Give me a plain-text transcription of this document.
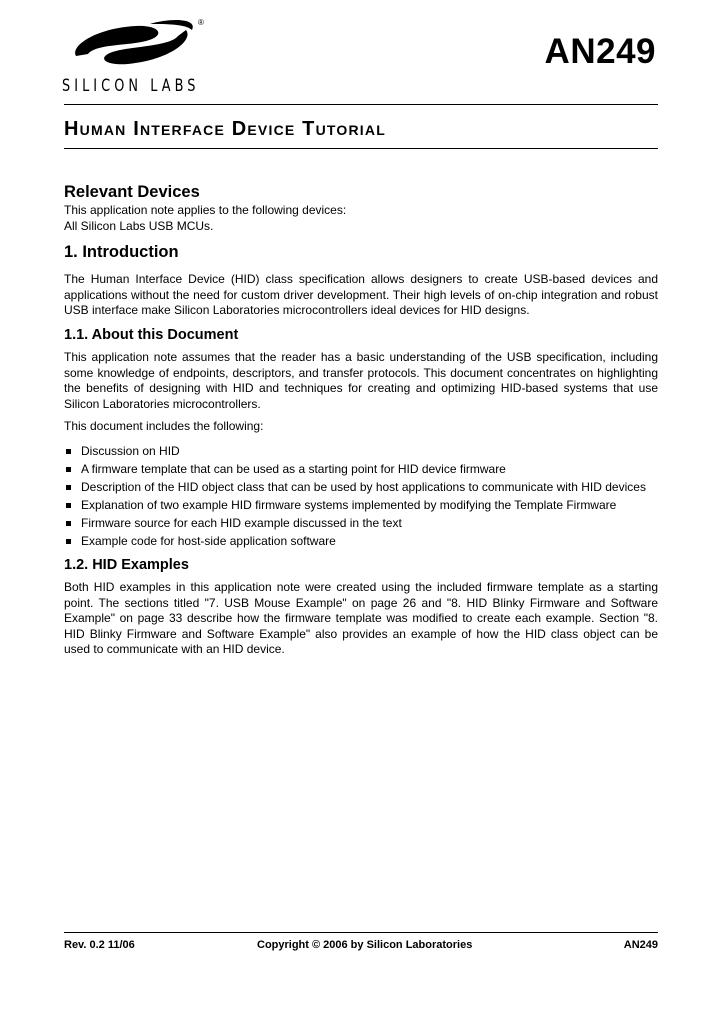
®
SILICON LABS
AN249
Human Interface Device Tutorial
Relevant Devices

This application note applies to the following devices:

All Silicon Labs USB MCUs.

1. Introduction

The Human Interface Device (HID) class specification allows designers to create USB-based devices and applications without the need for custom driver development. Their high levels of on-chip integration and robust USB interface make Silicon Laboratories microcontrollers ideal devices for HID designs.

1.1. About this Document

This application note assumes that the reader has a basic understanding of the USB specification, including some knowledge of endpoints, descriptors, and transfer protocols. This document concentrates on highlighting the benefits of designing with HID and techniques for creating and optimizing HID-based systems that use Silicon Laboratories microcontrollers.

This document includes the following:

Discussion on HID
A firmware template that can be used as a starting point for HID device firmware
Description of the HID object class that can be used by host applications to communicate with HID devices
Explanation of two example HID firmware systems implemented by modifying the Template Firmware
Firmware source for each HID example discussed in the text
Example code for host-side application software
1.2. HID Examples

Both HID examples in this application note were created using the included firmware template as a starting point. The sections titled "7. USB Mouse Example" on page 26 and "8. HID Blinky Firmware and Software Example" on page 33 describe how the firmware template was modified to create each example. Section "8. HID Blinky Firmware and Software Example" also provides an example of how the HID class object can be used to communicate with an HID device.

Rev. 0.2 11/06	Copyright © 2006 by Silicon Laboratories	AN249
